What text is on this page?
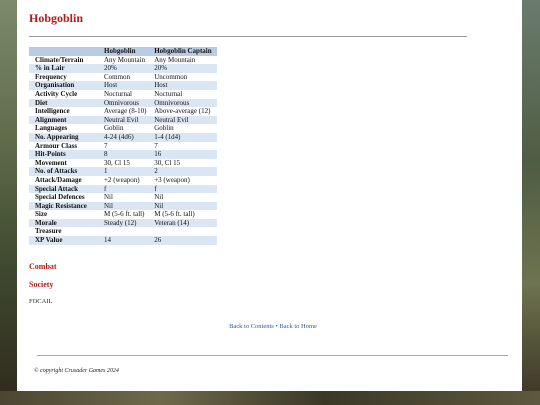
Hobgoblin
	Hobgoblin	Hobgoblin Captain
Climate/Terrain	Any Mountain	Any Mountain
% in Lair	20%	20%
Frequency	Common	Uncommon
Organisation	Host	Host
Activity Cycle	Nocturnal	Nocturnal
Diet	Omnivorous	Omnivorous
Intelligence	Average (8-10)	Above-average (12)
Alignment	Neutral Evil	Neutral Evil
Languages	Goblin	Goblin
No. Appearing	4-24 (4d6)	1-4 (1d4)
Armour Class	7	7
Hit-Points	8	16
Movement	30, Cl 15	30, Cl 15
No. of Attacks	1	2
Attack/Damage	+2 (weapon)	+3 (weapon)
Special Attack	f	f
Special Defences	Nil	Nil
Magic Resistance	Nil	Nil
Size	M (5-6 ft. tall)	M (5-6 ft. tall)
Morale	Steady (12)	Veteran (14)
Treasure		
XP Value	14	26
Combat
Society
FOCAIL
Back to Contents • Back to Home
© copyright Crusader Games 2024
